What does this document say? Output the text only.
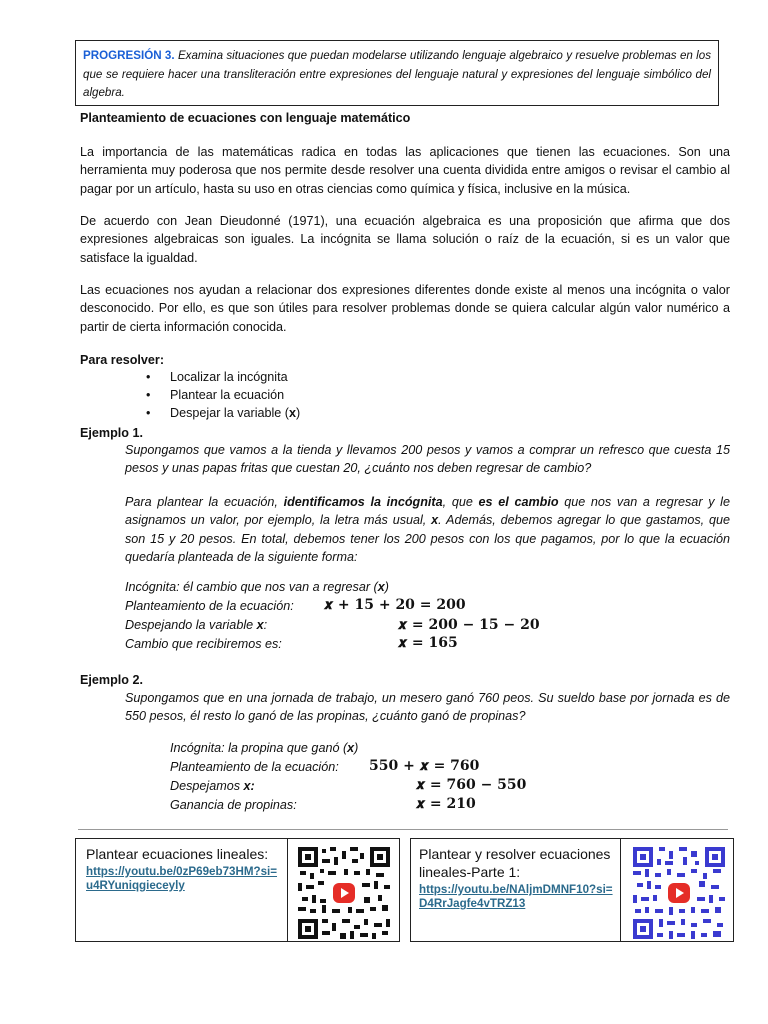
PROGRESIÓN 3. Examina situaciones que puedan modelarse utilizando lenguaje algebraico y resuelve problemas en los que se requiere hacer una transliteración entre expresiones del lenguaje natural y expresiones del lenguaje simbólico del algebra.
Planteamiento de ecuaciones con lenguaje matemático
La importancia de las matemáticas radica en todas las aplicaciones que tienen las ecuaciones. Son una herramienta muy poderosa que nos permite desde resolver una cuenta dividida entre amigos o revisar el cambio al pagar por un artículo, hasta su uso en otras ciencias como química y física, inclusive en la música.
De acuerdo con Jean Dieudonné (1971), una ecuación algebraica es una proposición que afirma que dos expresiones algebraicas son iguales. La incógnita se llama solución o raíz de la ecuación, si es un valor que satisface la igualdad.
Las ecuaciones nos ayudan a relacionar dos expresiones diferentes donde existe al menos una incógnita o valor desconocido. Por ello, es que son útiles para resolver problemas donde se quiera calcular algún valor numérico a partir de cierta información conocida.
Para resolver:
• Localizar la incógnita
• Plantear la ecuación
• Despejar la variable (x)
Ejemplo 1.
Supongamos que vamos a la tienda y llevamos 200 pesos y vamos a comprar un refresco que cuesta 15 pesos y unas papas fritas que cuestan 20, ¿cuánto nos deben regresar de cambio?
Para plantear la ecuación, identificamos la incógnita, que es el cambio que nos van a regresar y le asignamos un valor, por ejemplo, la letra más usual, x. Además, debemos agregar lo que gastamos, que son 15 y 20 pesos. En total, debemos tener los 200 pesos con los que pagamos, por lo que la ecuación quedaría planteada de la siguiente forma:
Incógnita: él cambio que nos van a regresar (x)
Planteamiento de la ecuación: 𝒙 + 𝟏𝟓 + 𝟐𝟎 = 𝟐𝟎𝟎
Despejando la variable x:	𝒙 = 𝟐𝟎𝟎 − 𝟏𝟓 − 𝟐𝟎
Cambio que recibiremos es:	𝒙 = 𝟏𝟔𝟓
Ejemplo 2.
Supongamos que en una jornada de trabajo, un mesero ganó 760 peos. Su sueldo base por jornada es de 550 pesos, él resto lo ganó de las propinas, ¿cuánto ganó de propinas?
Incógnita: la propina que ganó (x)
Planteamiento de la ecuación: 𝟓𝟓𝟎 + 𝒙 = 𝟕𝟔𝟎
Despejamos x:	𝒙 = 𝟕𝟔𝟎 − 𝟓𝟓𝟎
Ganancia de propinas:	𝒙 = 𝟐𝟏𝟎
Plantear ecuaciones lineales:
https://youtu.be/0zP69eb73HM?si=u4RYuniqgieceyly
Plantear y resolver ecuaciones lineales-Parte 1:
https://youtu.be/NAljmDMNF10?si=D4RrJagfe4vTRZ13
